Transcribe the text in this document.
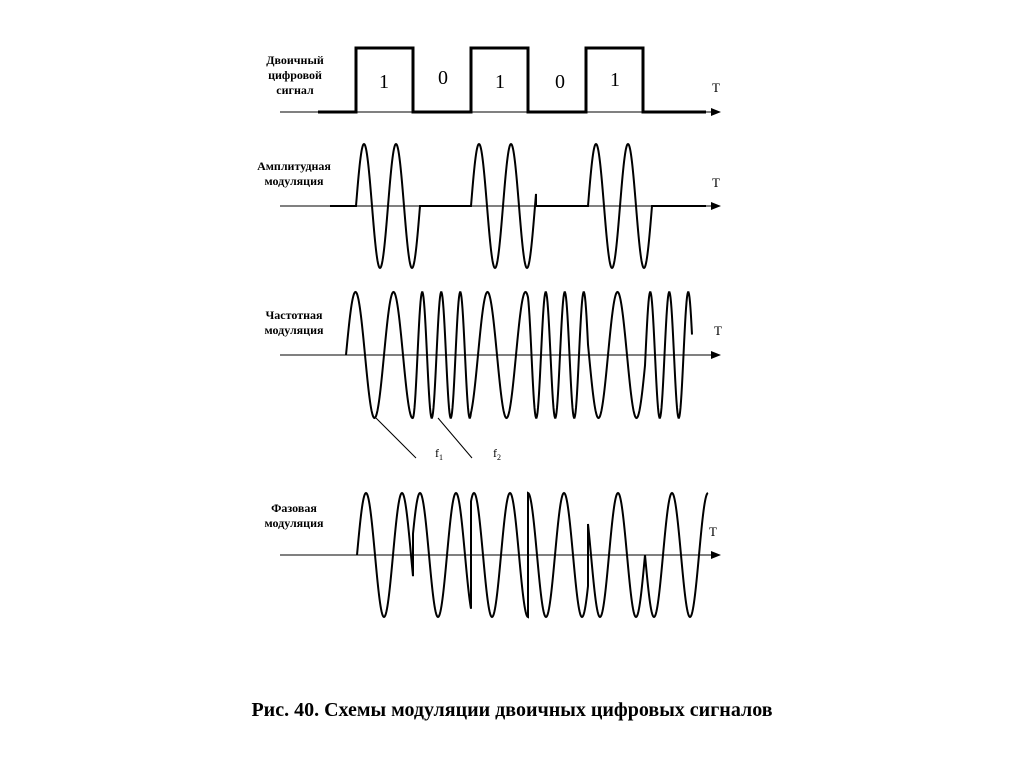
Двоичный
цифровой
сигнал
Амплитудная
модуляция
Частотная
модуляция
Фазовая
модуляция
1 0 1	0 1	T
T
T
$f_1$	$f_2$
T
Рис. 40. Схемы модуляции двоичных цифровых сигналов
